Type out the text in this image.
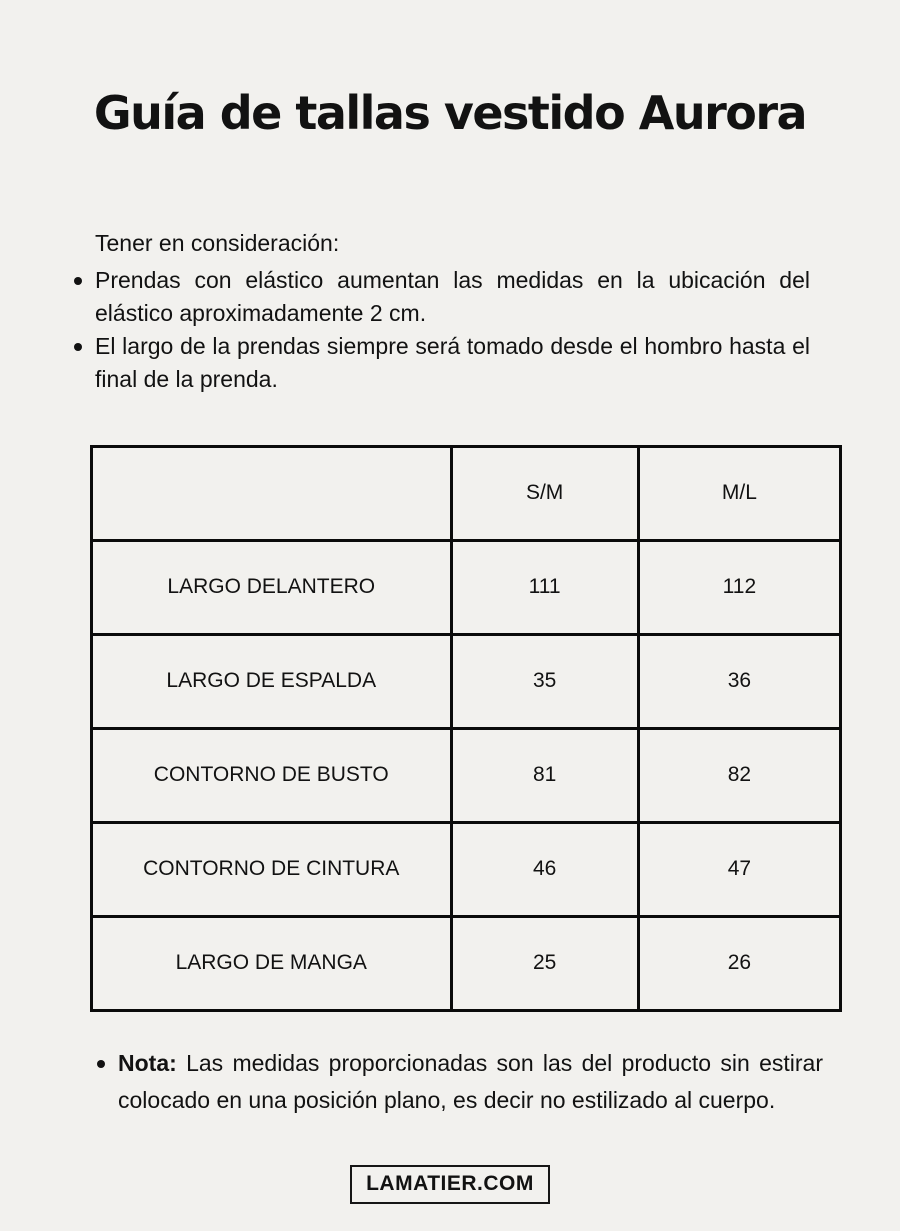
Guía de tallas vestido Aurora
Tener en consideración:
Prendas con elástico aumentan las medidas en la ubicación del elástico aproximadamente 2 cm.
El largo de la prendas siempre será tomado desde el hombro hasta el final de la prenda.
	S/M	M/L
LARGO DELANTERO	111	112
LARGO DE ESPALDA	35	36
CONTORNO DE BUSTO	81	82
CONTORNO DE CINTURA	46	47
LARGO DE MANGA	25	26
Nota: Las medidas proporcionadas son las del producto sin estirar colocado en una posición plano, es decir no estilizado al cuerpo.
LAMATIER.COM
